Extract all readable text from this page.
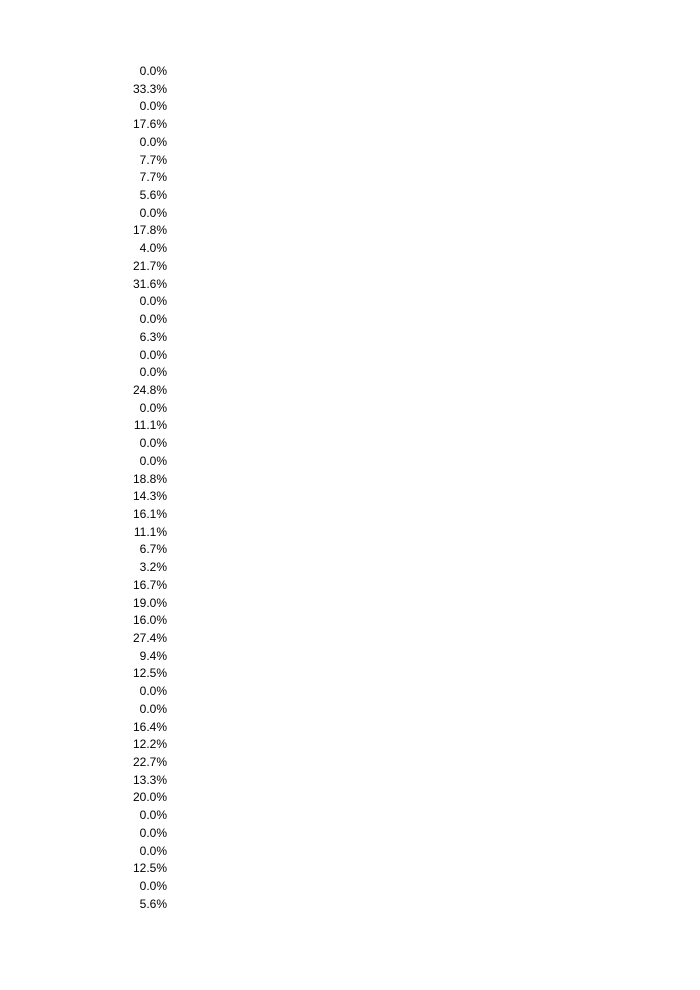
0.0%
33.3%
0.0%
17.6%
0.0%
7.7%
7.7%
5.6%
0.0%
17.8%
4.0%
21.7%
31.6%
0.0%
0.0%
6.3%
0.0%
0.0%
24.8%
0.0%
11.1%
0.0%
0.0%
18.8%
14.3%
16.1%
11.1%
6.7%
3.2%
16.7%
19.0%
16.0%
27.4%
9.4%
12.5%
0.0%
0.0%
16.4%
12.2%
22.7%
13.3%
20.0%
0.0%
0.0%
0.0%
12.5%
0.0%
5.6%
